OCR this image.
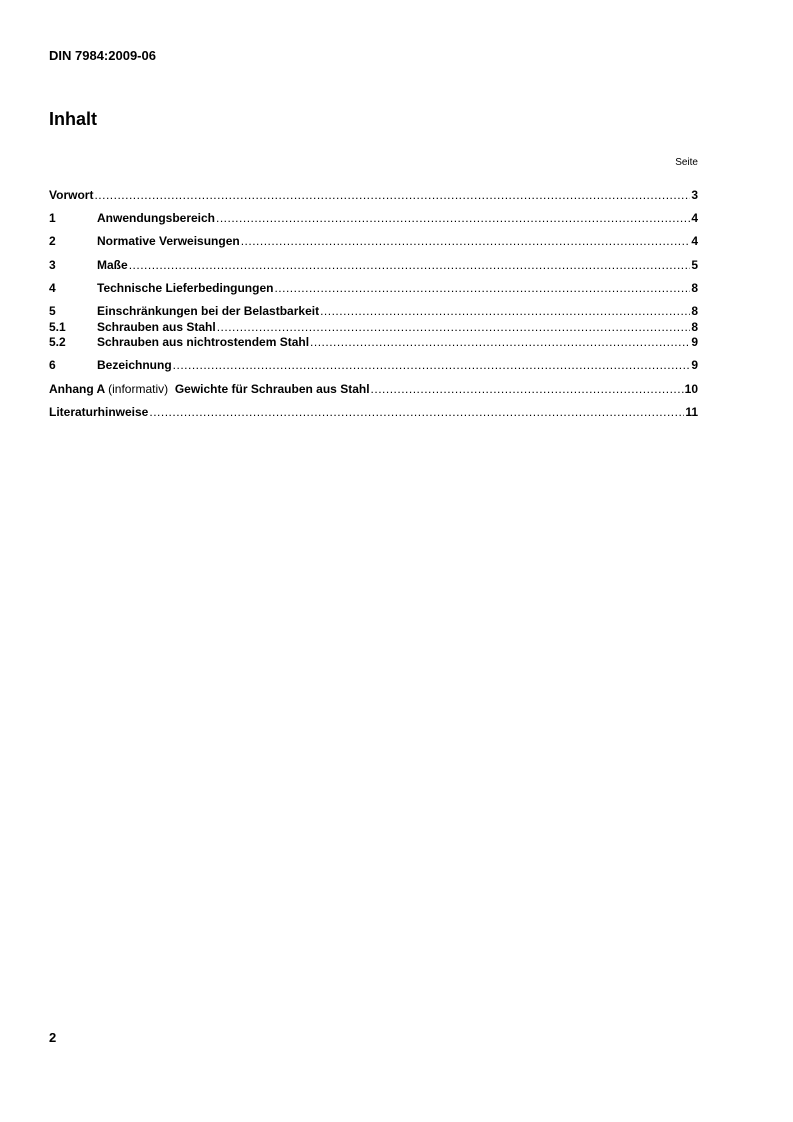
DIN 7984:2009-06
Inhalt
Seite
Vorwort .....	3
1	Anwendungsbereich .....	4
2	Normative Verweisungen .....	4
3	Maße .....	5
4	Technische Lieferbedingungen .....	8
5	Einschränkungen bei der Belastbarkeit .....	8
5.1	Schrauben aus Stahl .....	8
5.2	Schrauben aus nichtrostendem Stahl .....	9
6	Bezeichnung .....	9
Anhang A (informativ) Gewichte für Schrauben aus Stahl .....	10
Literaturhinweise .....	11
2
